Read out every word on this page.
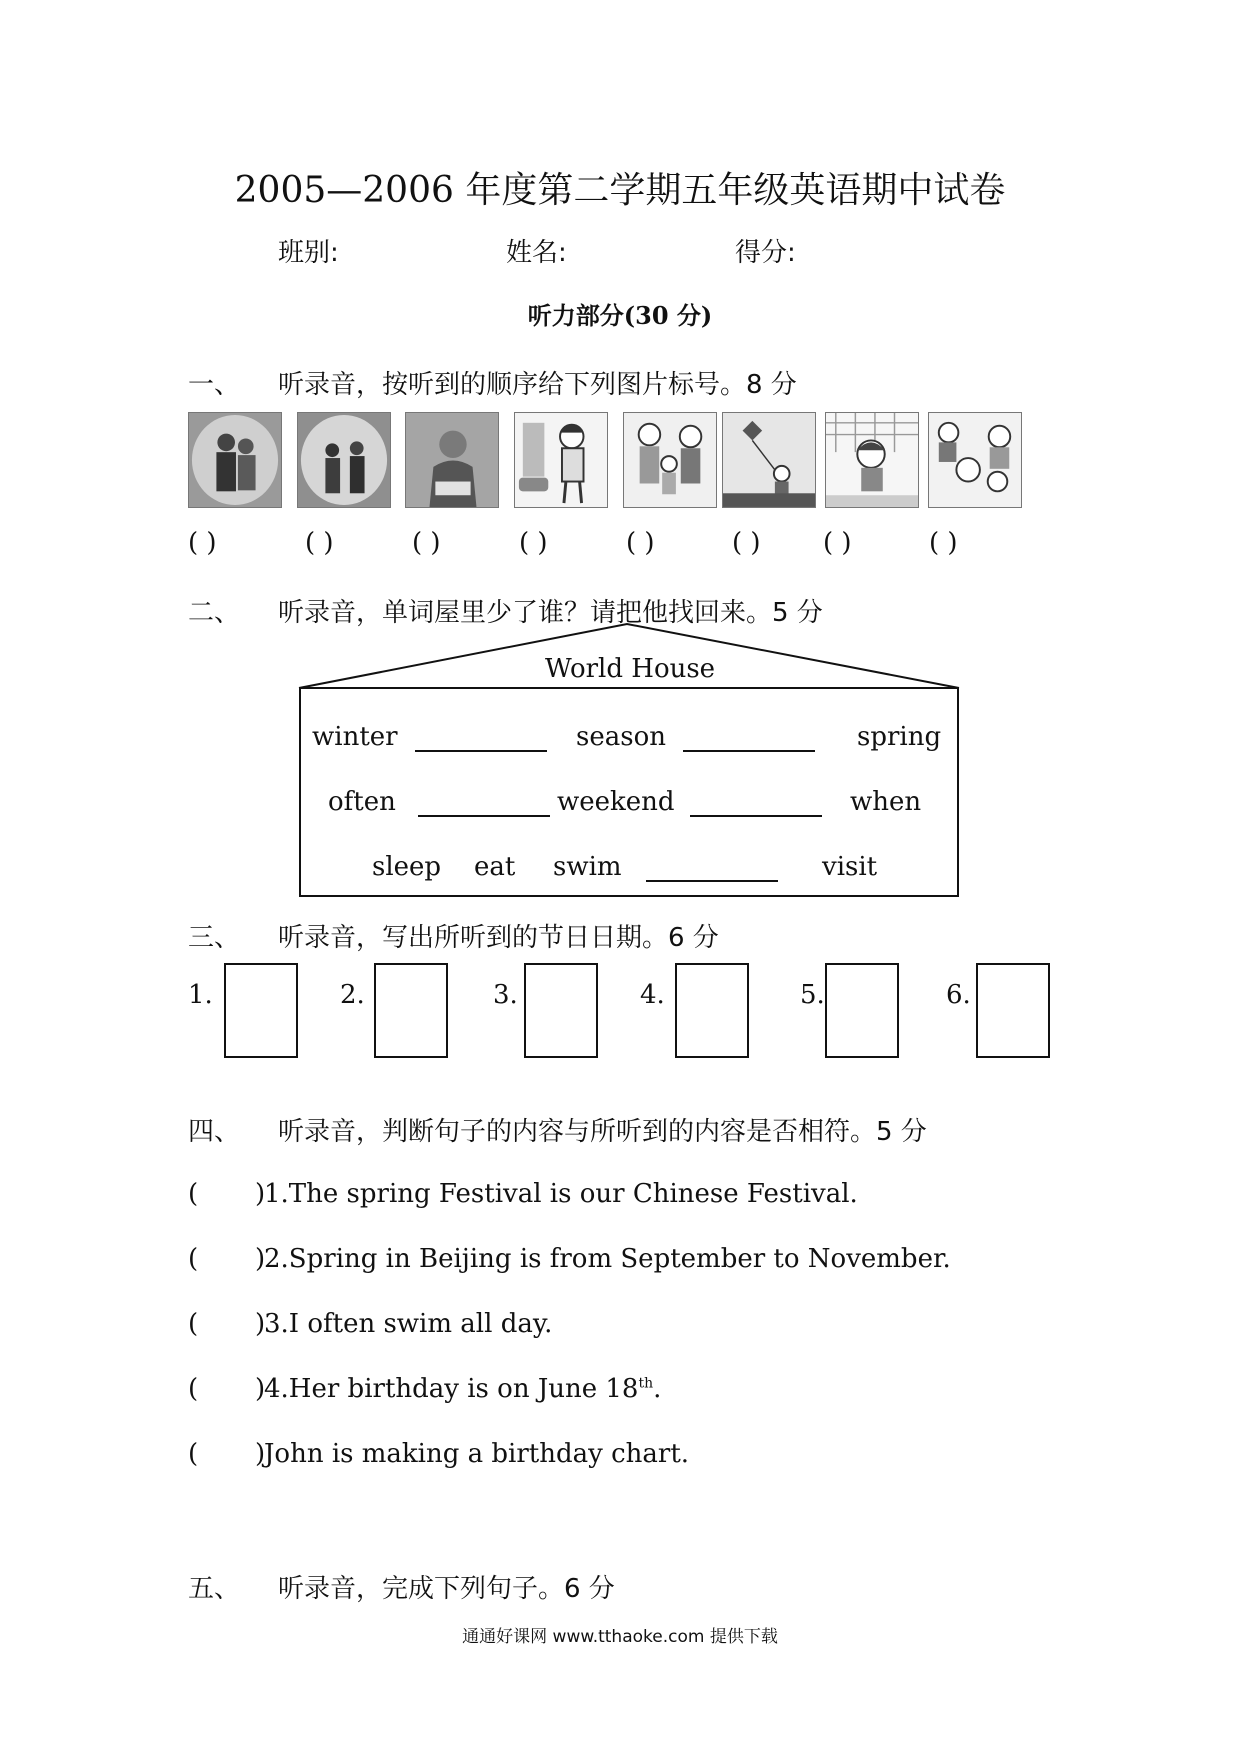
2005—2006 年度第二学期五年级英语期中试卷
班别:	姓名:	得分:
听力部分(30 分)
一、 听录音，按听到的顺序给下列图片标号。8 分
( )	( )	( )	( )	( )	( ) ( )	( )
二、 听录音，单词屋里少了谁？请把他找回来。5 分
World House
winter	season	spring
often	weekend	when
sleep eat swim	visit
三、 听录音，写出所听到的节日日期。6 分
1.	2.	3.	4.	5.	6.
四、 听录音，判断句子的内容与所听到的内容是否相符。5 分
( )
1.The spring Festival is our Chinese Festival.
( )
2.Spring in Beijing is from September to November.
( )
3.I often swim all day.
( )
4.Her birthday is on June 18th.
( )
John is making a birthday chart.
五、 听录音，完成下列句子。6 分
通通好课网 www.tthaoke.com 提供下载
